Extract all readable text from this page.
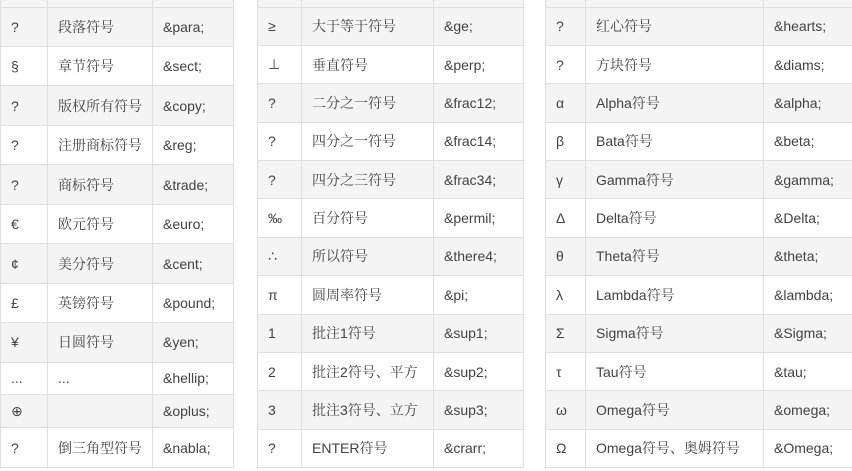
?	段落符号	&para;
§	章节符号	&sect;
?	版权所有符号	&copy;
?	注册商标符号	&reg;
?	商标符号	&trade;
€	欧元符号	&euro;
¢	美分符号	&cent;
£	英镑符号	&pound;
¥	日圆符号	&yen;
...	...	&hellip;
⊕		&oplus;
?	倒三角型符号	&nabla;

≥	大于等于符号	&ge;
⊥	垂直符号	&perp;
?	二分之一符号	&frac12;
?	四分之一符号	&frac14;
?	四分之三符号	&frac34;
‰	百分符号	&permil;
∴	所以符号	&there4;
π	圆周率符号	&pi;
1	批注1符号	&sup1;
2	批注2符号、平方	&sup2;
3	批注3符号、立方	&sup3;
?	ENTER符号	&crarr;

?	红心符号	&hearts;
?	方块符号	&diams;
α	Alpha符号	&alpha;
β	Bata符号	&beta;
γ	Gamma符号	&gamma;
Δ	Delta符号	&Delta;
θ	Theta符号	&theta;
λ	Lambda符号	&lambda;
Σ	Sigma符号	&Sigma;
τ	Tau符号	&tau;
ω	Omega符号	&omega;
Ω	Omega符号、奥姆符号	&Omega;
